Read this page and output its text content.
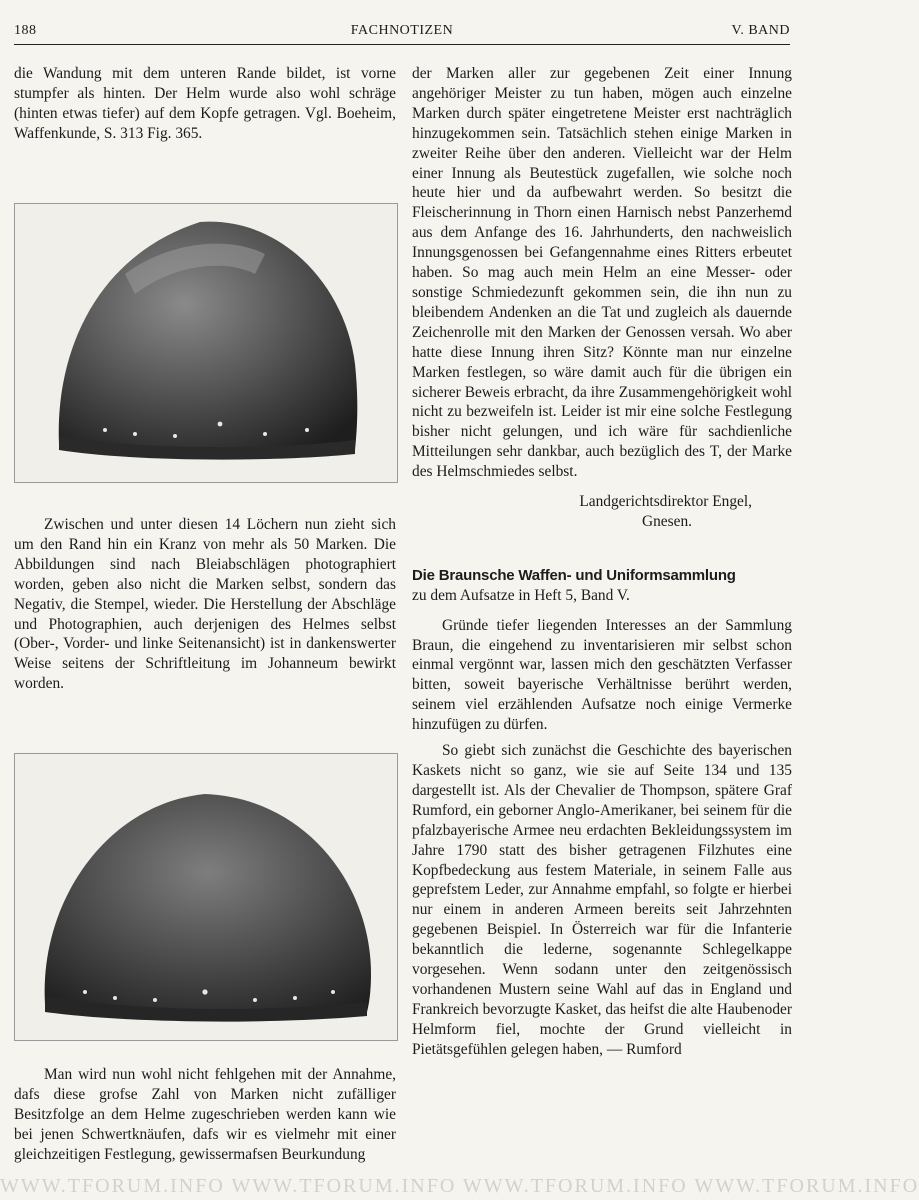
188	FACHNOTIZEN	V. BAND

die Wandung mit dem unteren Rande bildet, ist vorne stumpfer als hinten. Der Helm wurde also wohl schräge (hinten etwas tiefer) auf dem Kopfe getragen. Vgl. Boeheim, Waffenkunde, S. 313 Fig. 365.

Zwischen und unter diesen 14 Löchern nun zieht sich um den Rand hin ein Kranz von mehr als 50 Marken. Die Abbildungen sind nach Bleiabschlägen photographiert worden, geben also nicht die Marken selbst, sondern das Negativ, die Stempel, wieder. Die Herstellung der Abschläge und Photographien, auch derjenigen des Helmes selbst (Ober-, Vorder- und linke Seitenansicht) ist in dankenswerter Weise seitens der Schriftleitung im Johanneum bewirkt worden.

Man wird nun wohl nicht fehlgehen mit der Annahme, dafs diese grofse Zahl von Marken nicht zufälliger Besitzfolge an dem Helme zugeschrieben werden kann wie bei jenen Schwertknäufen, dafs wir es vielmehr mit einer gleichzeitigen Festlegung, gewissermafsen Beurkundung

der Marken aller zur gegebenen Zeit einer Innung angehöriger Meister zu tun haben, mögen auch einzelne Marken durch später eingetretene Meister erst nachträglich hinzugekommen sein. Tatsächlich stehen einige Marken in zweiter Reihe über den anderen. Vielleicht war der Helm einer Innung als Beutestück zugefallen, wie solche noch heute hier und da aufbewahrt werden. So besitzt die Fleischerinnung in Thorn einen Harnisch nebst Panzerhemd aus dem Anfange des 16. Jahrhunderts, den nachweislich Innungsgenossen bei Gefangennahme eines Ritters erbeutet haben. So mag auch mein Helm an eine Messer- oder sonstige Schmiedezunft gekommen sein, die ihn nun zu bleibendem Andenken an die Tat und zugleich als dauernde Zeichenrolle mit den Marken der Genossen versah. Wo aber hatte diese Innung ihren Sitz? Könnte man nur einzelne Marken festlegen, so wäre damit auch für die übrigen ein sicherer Beweis erbracht, da ihre Zusammengehörigkeit wohl nicht zu bezweifeln ist. Leider ist mir eine solche Festlegung bisher nicht gelungen, und ich wäre für sachdienliche Mitteilungen sehr dankbar, auch bezüglich des T, der Marke des Helmschmiedes selbst.

Landgerichtsdirektor Engel,

Gnesen.

Die Braunsche Waffen- und Uniformsammlung

zu dem Aufsatze in Heft 5, Band V.

Gründe tiefer liegenden Interesses an der Sammlung Braun, die eingehend zu inventarisieren mir selbst schon einmal vergönnt war, lassen mich den geschätzten Verfasser bitten, soweit bayerische Verhältnisse berührt werden, seinem viel erzählenden Aufsatze noch einige Vermerke hinzufügen zu dürfen.

So giebt sich zunächst die Geschichte des bayerischen Kaskets nicht so ganz, wie sie auf Seite 134 und 135 dargestellt ist. Als der Chevalier de Thompson, spätere Graf Rumford, ein geborner Anglo-Amerikaner, bei seinem für die pfalzbayerische Armee neu erdachten Bekleidungssystem im Jahre 1790 statt des bisher getragenen Filzhutes eine Kopfbedeckung aus festem Materiale, in seinem Falle aus geprefstem Leder, zur Annahme empfahl, so folgte er hierbei nur einem in anderen Armeen bereits seit Jahrzehnten gegebenen Beispiel. In Österreich war für die Infanterie bekanntlich die lederne, sogenannte Schlegelkappe vorgesehen. Wenn sodann unter den zeitgenössisch vorhandenen Mustern seine Wahl auf das in England und Frankreich bevorzugte Kasket, das heifst die alte Haubenoder Helmform fiel, mochte der Grund vielleicht in Pietätsgefühlen gelegen haben, — Rumford

WWW.TFORUM.INFO WWW.TFORUM.INFO WWW.TFORUM.INFO WWW.TFORUM.INFO
